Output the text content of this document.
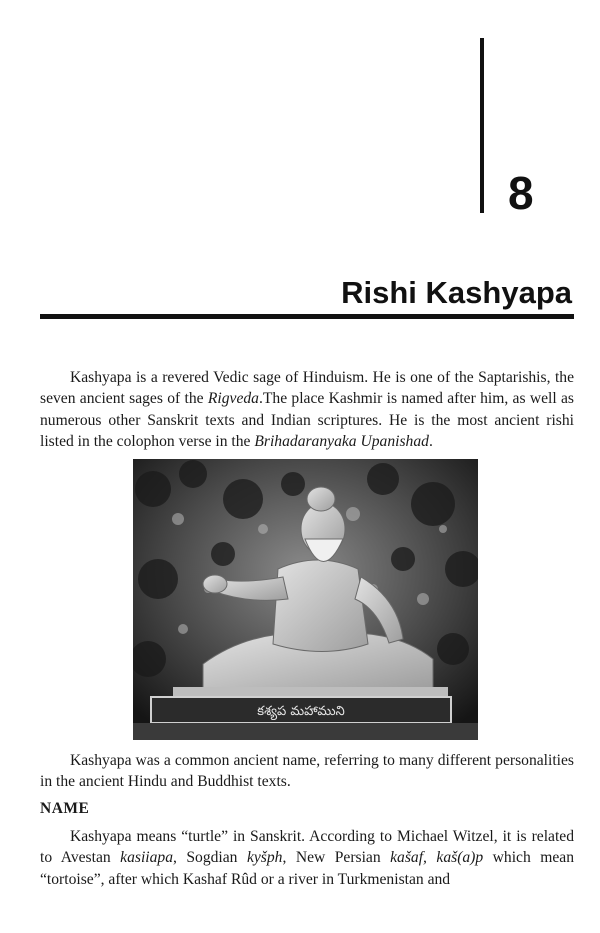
8
Rishi Kashyapa

Kashyapa is a revered Vedic sage of Hinduism. He is one of the Saptarishis, the seven ancient sages of the Rigveda.The place Kashmir is named after him, as well as numerous other Sanskrit texts and Indian scriptures. He is the most ancient rishi listed in the colophon verse in the Brihadaranyaka Upanishad.

కశ్యప మహాముని

Kashyapa was a common ancient name, referring to many different personalities in the ancient Hindu and Buddhist texts.

NAME

Kashyapa means “turtle” in Sanskrit. According to Michael Witzel, it is related to Avestan kasiiapa, Sogdian kyšph, New Persian kašaf, kaš(a)p which mean “tortoise”, after which Kashaf Rûd or a river in Turkmenistan and
